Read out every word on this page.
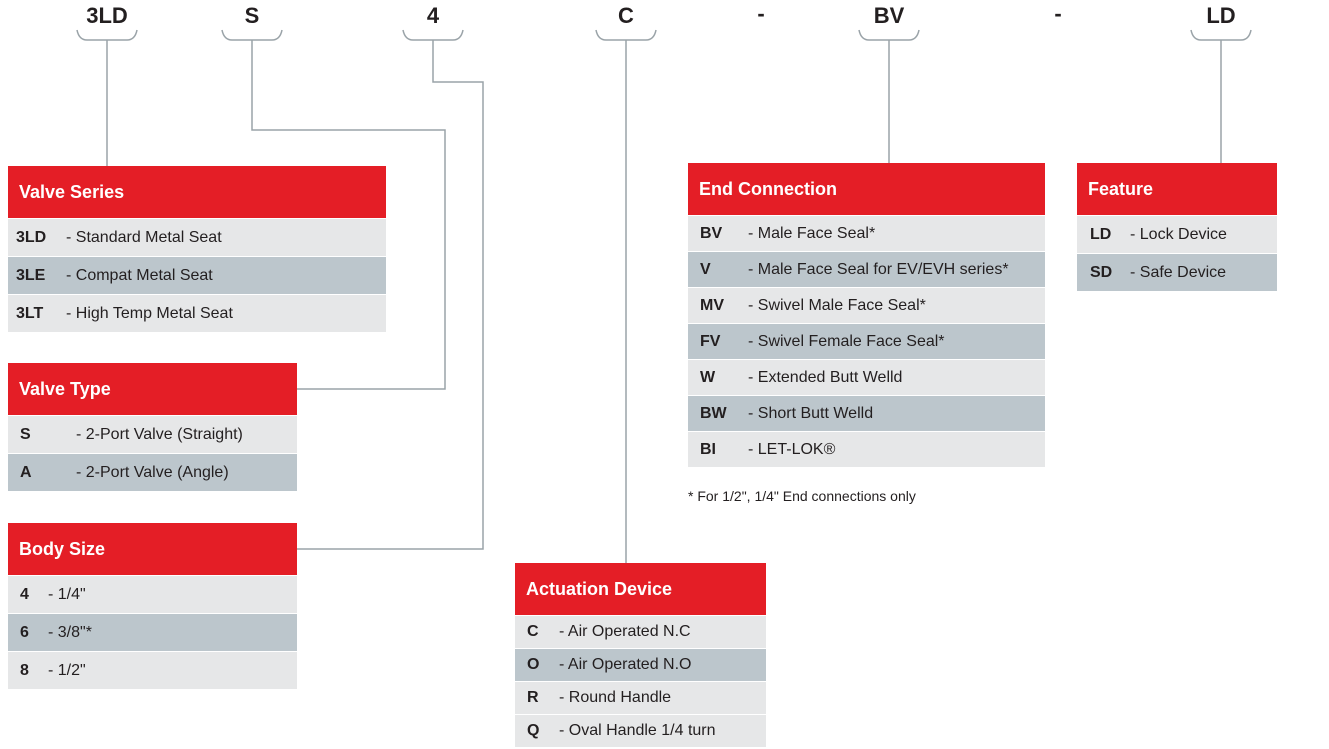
3LD	S	4	C	-	BV	-	LD
Valve Series
3LD	- Standard Metal Seat
3LE	- Compat Metal Seat
3LT	- High Temp Metal Seat
Valve Type
S	- 2-Port Valve (Straight)
A	- 2-Port Valve (Angle)
Body Size
4	- 1/4"
6	- 3/8"*
8	- 1/2"
Actuation Device
C	- Air Operated N.C
O	- Air Operated N.O
R	- Round Handle
Q	- Oval Handle 1/4 turn
End Connection
BV	- Male Face Seal*
V	- Male Face Seal for EV/EVH series*
MV	- Swivel Male Face Seal*
FV	- Swivel Female Face Seal*
W	- Extended Butt Welld
BW	- Short Butt Welld
BI	- LET-LOK®
* For 1/2", 1/4" End connections only
Feature
LD	- Lock Device
SD	- Safe Device
